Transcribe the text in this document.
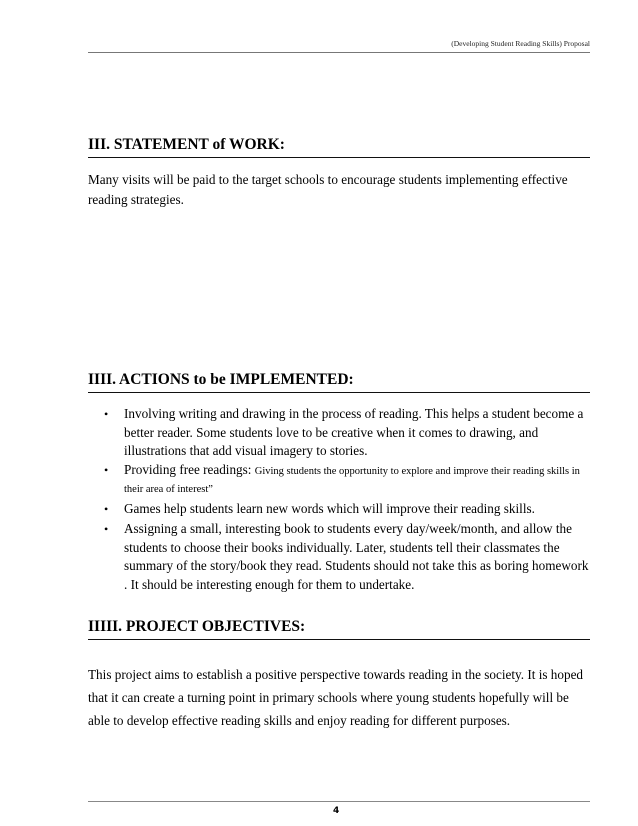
(Developing Student Reading Skills) Proposal
III. STATEMENT of WORK:
Many visits will be paid to the target schools to encourage students implementing effective reading strategies.
IIII. ACTIONS to be IMPLEMENTED:
• Involving writing and drawing in the process of reading. This helps a student become a better reader. Some students love to be creative when it comes to drawing, and illustrations that add visual imagery to stories.
• Providing free readings: Giving students the opportunity to explore and improve their reading skills in their area of interest”
• Games help students learn new words which will improve their reading skills.
• Assigning a small, interesting book to students every day/week/month, and allow the students to choose their books individually. Later, students tell their classmates the summary of the story/book they read. Students should not take this as boring homework . It should be interesting enough for them to undertake.
IIIII. PROJECT OBJECTIVES:
This project aims to establish a positive perspective towards reading in the society. It is hoped that it can create a turning point in primary schools where young students hopefully will be able to develop effective reading skills and enjoy reading for different purposes.
4
